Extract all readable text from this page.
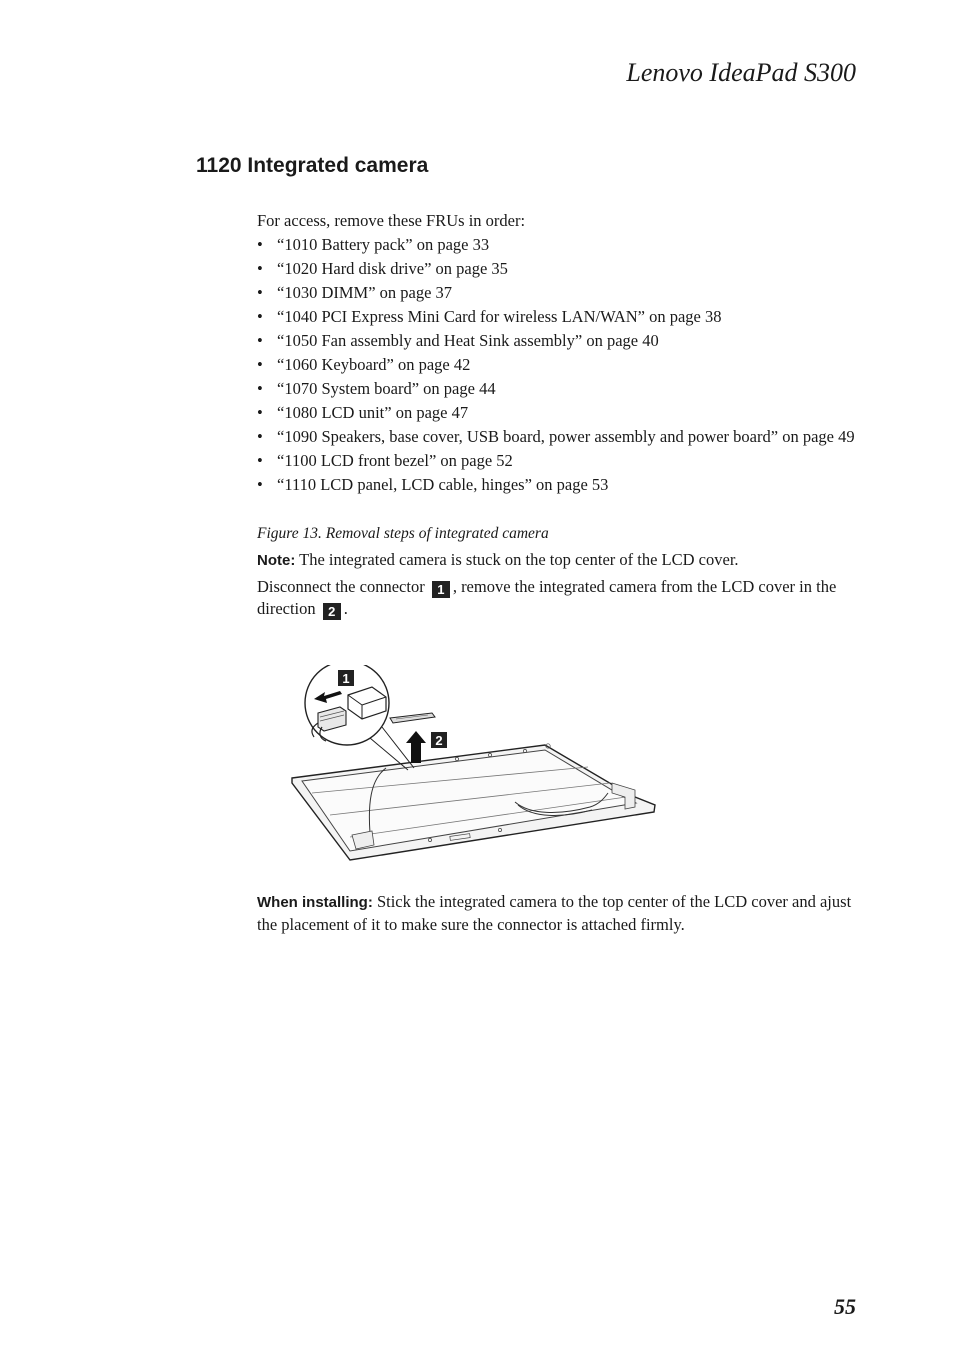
Lenovo IdeaPad S300
1120 Integrated camera

For access, remove these FRUs in order:

• “1010 Battery pack” on page 33
• “1020 Hard disk drive” on page 35
• “1030 DIMM” on page 37
• “1040 PCI Express Mini Card for wireless LAN/WAN” on page 38
• “1050 Fan assembly and Heat Sink assembly” on page 40
• “1060 Keyboard” on page 42
• “1070 System board” on page 44
• “1080 LCD unit” on page 47
• “1090 Speakers, base cover, USB board, power assembly and power board” on page 49
• “1100 LCD front bezel” on page 52
• “1110 LCD panel, LCD cable, hinges” on page 53

Figure 13. Removal steps of integrated camera

Note: The integrated camera is stuck on the top center of the LCD cover.

Disconnect the connector 1 , remove the integrated camera from the LCD cover in the direction 2 .

1
2

When installing: Stick the integrated camera to the top center of the LCD cover and ajust the placement of it to make sure the connector is attached firmly.

55
